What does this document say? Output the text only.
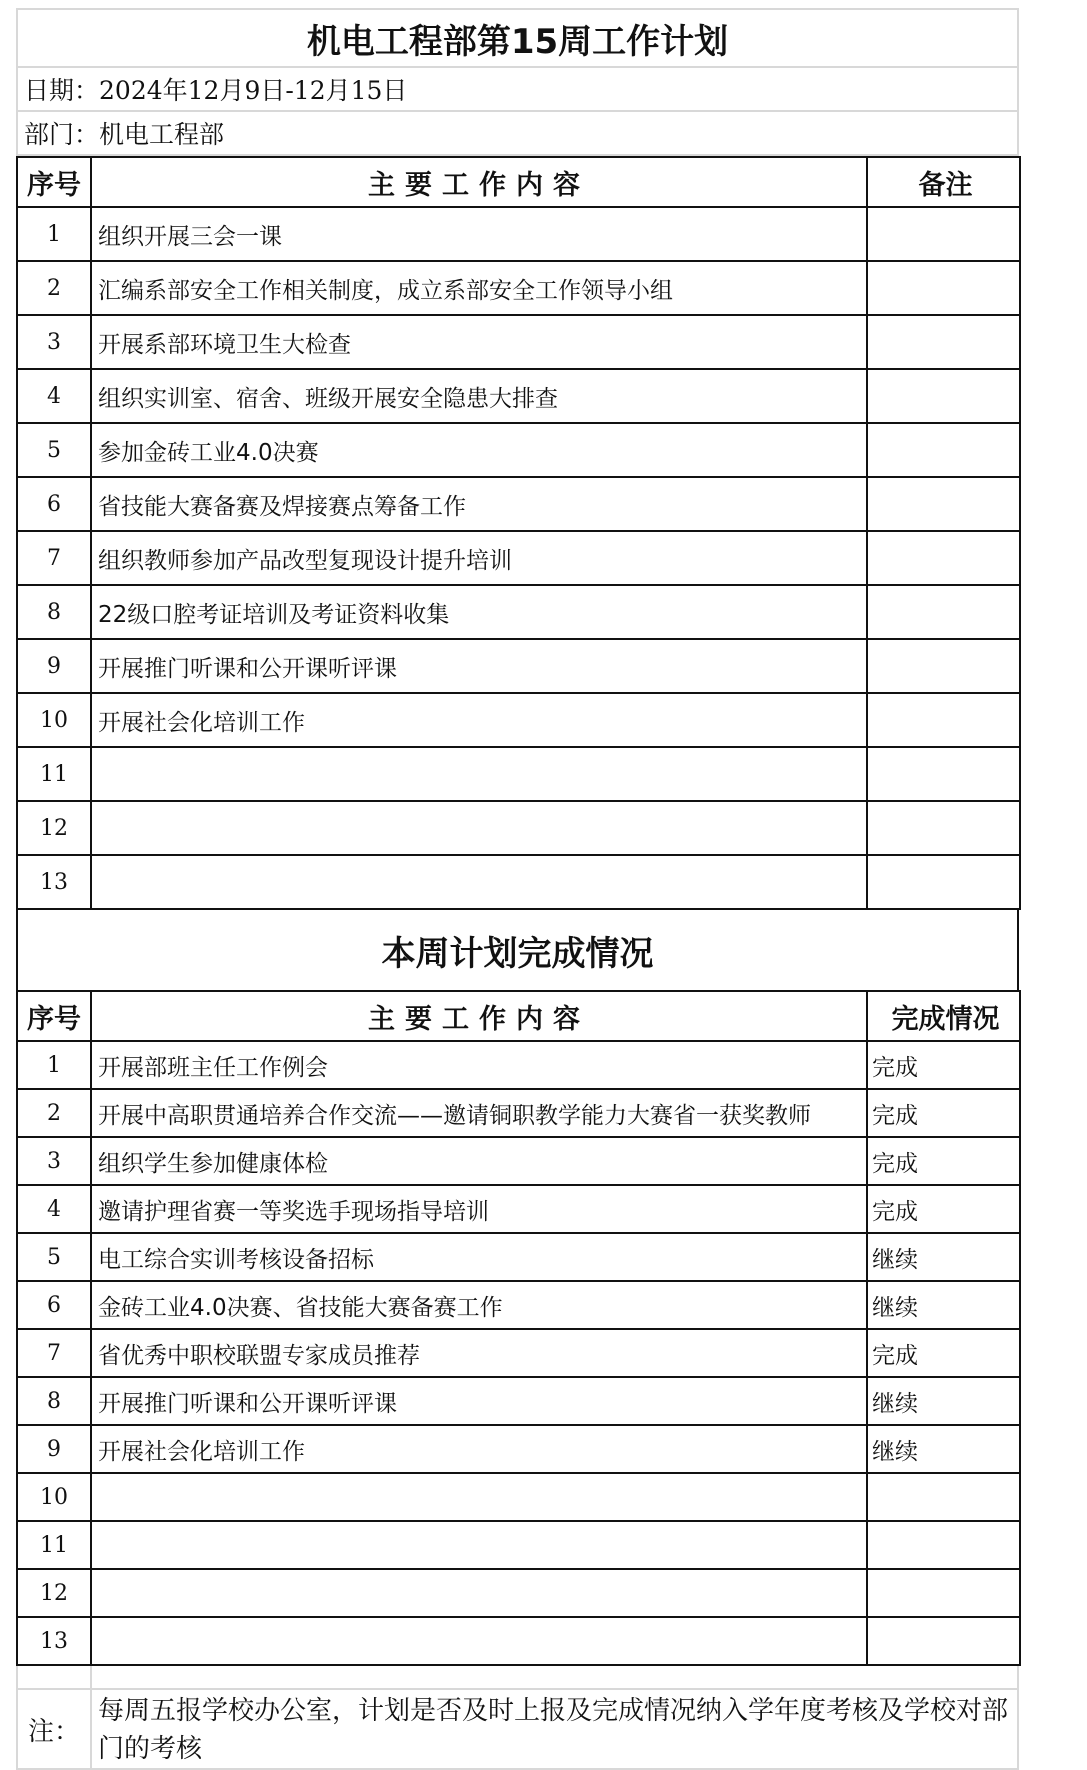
机电工程部第15周工作计划
日期： 2024年12月9日-12月15日
部门： 机电工程部
序号	主要工作内容	备注
1	组织开展三会一课	
2	汇编系部安全工作相关制度，成立系部安全工作领导小组	
3	开展系部环境卫生大检查	
4	组织实训室、宿舍、班级开展安全隐患大排查	
5	参加金砖工业4.0决赛	
6	省技能大赛备赛及焊接赛点筹备工作	
7	组织教师参加产品改型复现设计提升培训	
8	22级口腔考证培训及考证资料收集	
9	开展推门听课和公开课听评课	
10	开展社会化培训工作	
11		
12		
13		
本周计划完成情况
序号	主要工作内容	完成情况
1	开展部班主任工作例会	完成
2	开展中高职贯通培养合作交流——邀请铜职教学能力大赛省一获奖教师	完成
3	组织学生参加健康体检	完成
4	邀请护理省赛一等奖选手现场指导培训	完成
5	电工综合实训考核设备招标	继续
6	金砖工业4.0决赛、省技能大赛备赛工作	继续
7	省优秀中职校联盟专家成员推荐	完成
8	开展推门听课和公开课听评课	继续
9	开展社会化培训工作	继续
10		
11		
12		
13		
注：
每周五报学校办公室，计划是否及时上报及完成情况纳入学年度考核及学校对部门的考核
